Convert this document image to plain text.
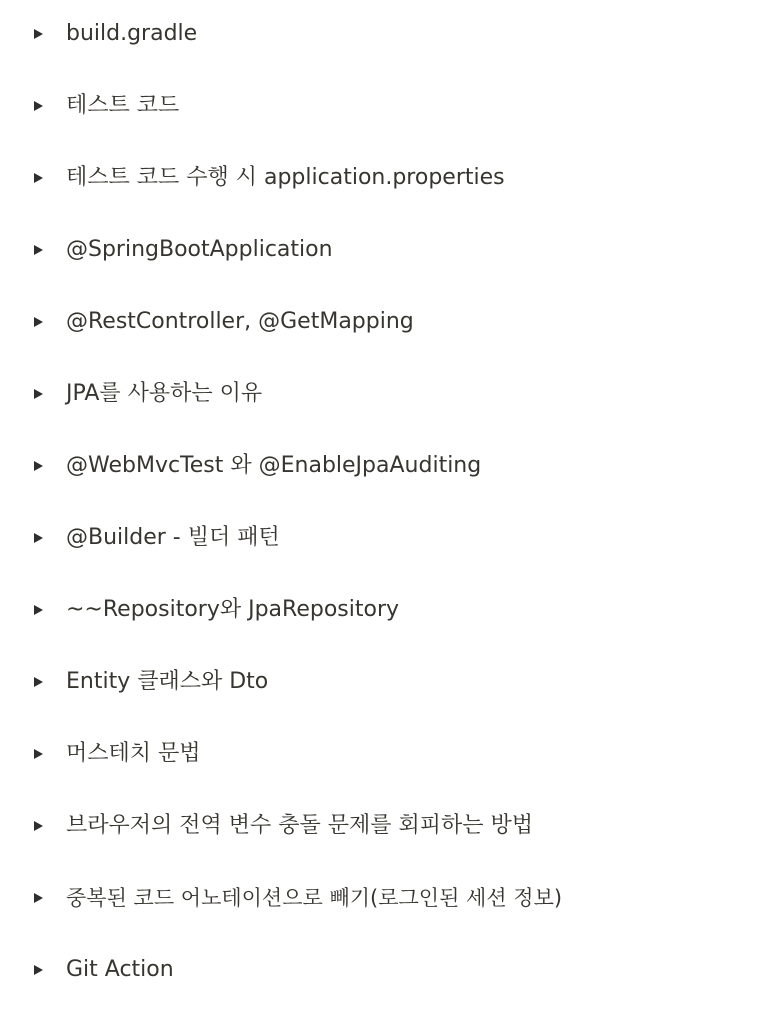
build.gradle
테스트 코드
테스트 코드 수행 시 application.properties
@SpringBootApplication
@RestController, @GetMapping
JPA를 사용하는 이유
@WebMvcTest 와 @EnableJpaAuditing
@Builder - 빌더 패턴
~~Repository와 JpaRepository
Entity 클래스와 Dto
머스테치 문법
브라우저의 전역 변수 충돌 문제를 회피하는 방법
중복된 코드 어노테이션으로 빼기(로그인된 세션 정보)
Git Action
